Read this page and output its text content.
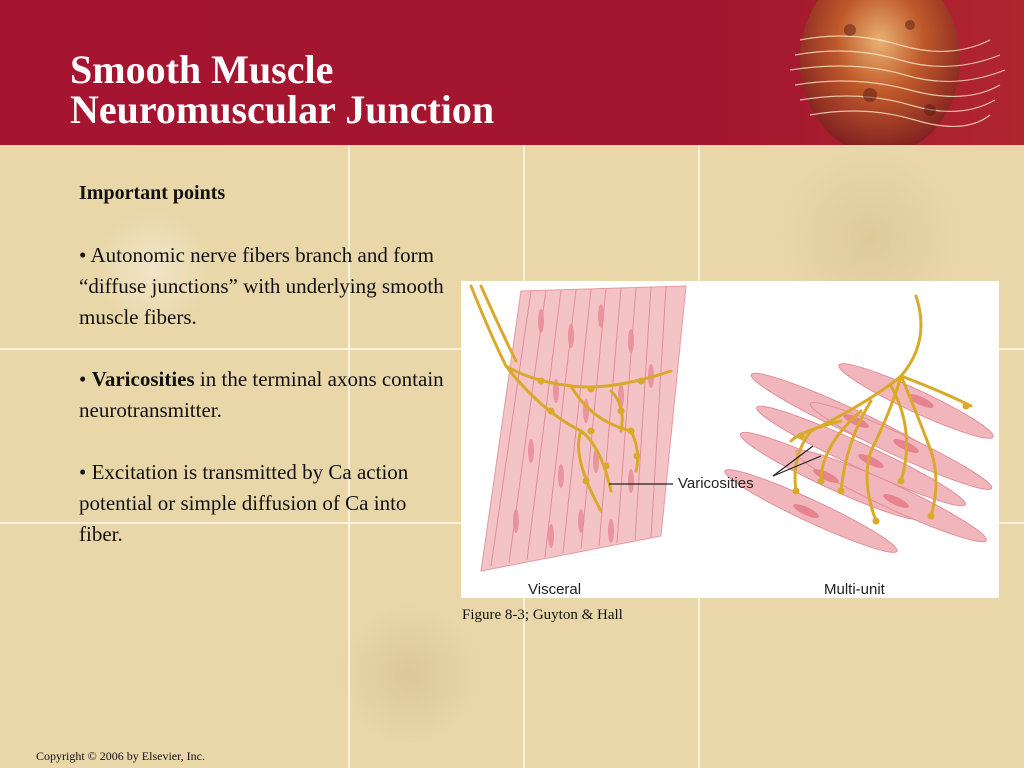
Smooth Muscle
Neuromuscular Junction
Important points

• Autonomic nerve fibers branch and form “diffuse junctions” with underlying smooth muscle fibers.

• Varicosities in the terminal axons contain neurotransmitter.

• Excitation is transmitted by Ca action potential or simple diffusion of Ca into fiber.

Varicosities
Visceral	Multi-unit
Figure 8-3; Guyton & Hall
Copyright © 2006 by Elsevier, Inc.
